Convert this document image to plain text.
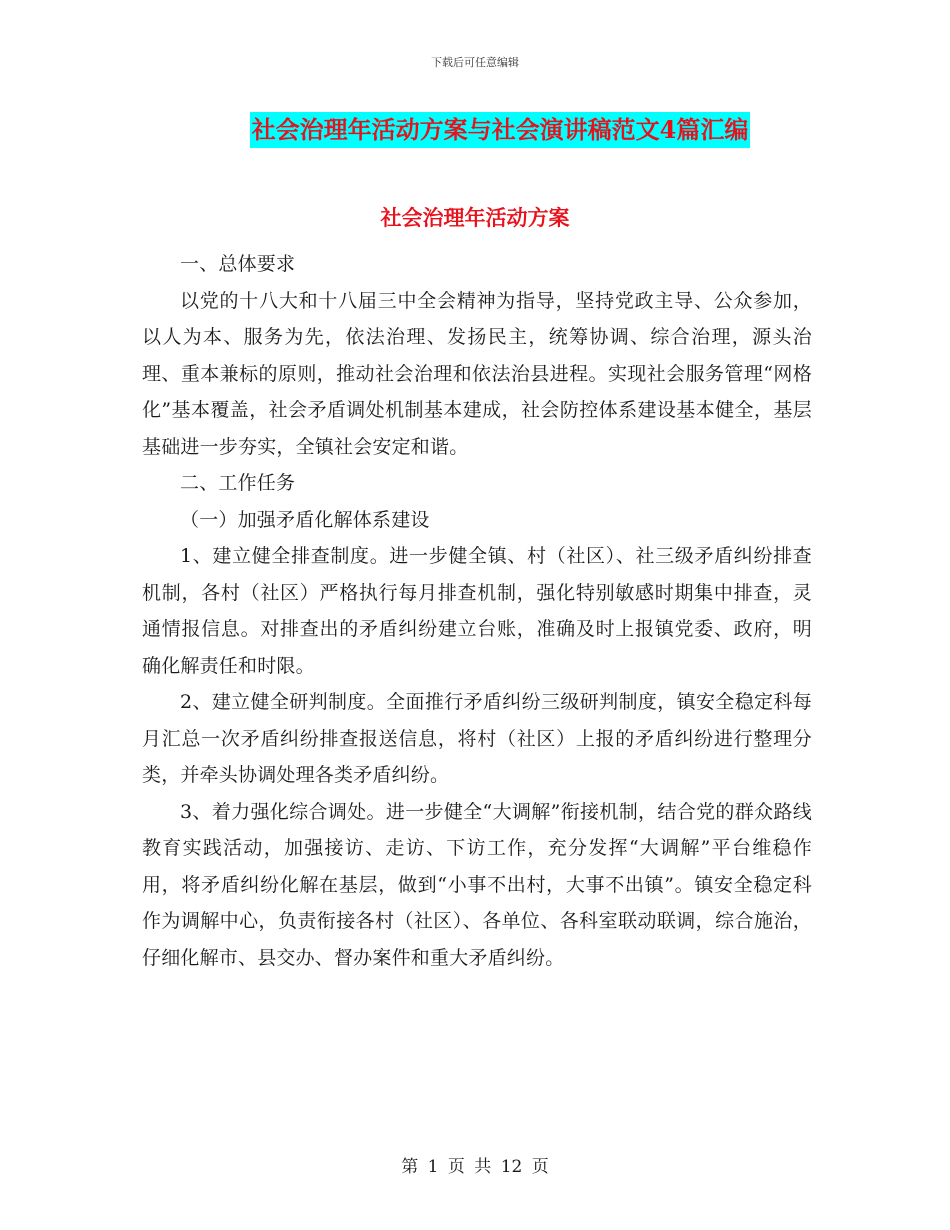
下载后可任意编辑
社会治理年活动方案与社会演讲稿范文4篇汇编
社会治理年活动方案

一、总体要求

以党的十八大和十八届三中全会精神为指导，坚持党政主导、公众参加，以人为本、服务为先，依法治理、发扬民主，统筹协调、综合治理，源头治理、重本兼标的原则，推动社会治理和依法治县进程。实现社会服务管理“网格化”基本覆盖，社会矛盾调处机制基本建成，社会防控体系建设基本健全，基层基础进一步夯实，全镇社会安定和谐。

二、工作任务

（一）加强矛盾化解体系建设

1、建立健全排查制度。进一步健全镇、村（社区）、社三级矛盾纠纷排查机制，各村（社区）严格执行每月排查机制，强化特别敏感时期集中排查，灵通情报信息。对排查出的矛盾纠纷建立台账，准确及时上报镇党委、政府，明确化解责任和时限。

2、建立健全研判制度。全面推行矛盾纠纷三级研判制度，镇安全稳定科每月汇总一次矛盾纠纷排查报送信息，将村（社区）上报的矛盾纠纷进行整理分类，并牵头协调处理各类矛盾纠纷。

3、着力强化综合调处。进一步健全“大调解”衔接机制，结合党的群众路线教育实践活动，加强接访、走访、下访工作，充分发挥“大调解”平台维稳作用，将矛盾纠纷化解在基层，做到“小事不出村，大事不出镇”。镇安全稳定科作为调解中心，负责衔接各村（社区）、各单位、各科室联动联调，综合施治，仔细化解市、县交办、督办案件和重大矛盾纠纷。

第 1 页 共 12 页
